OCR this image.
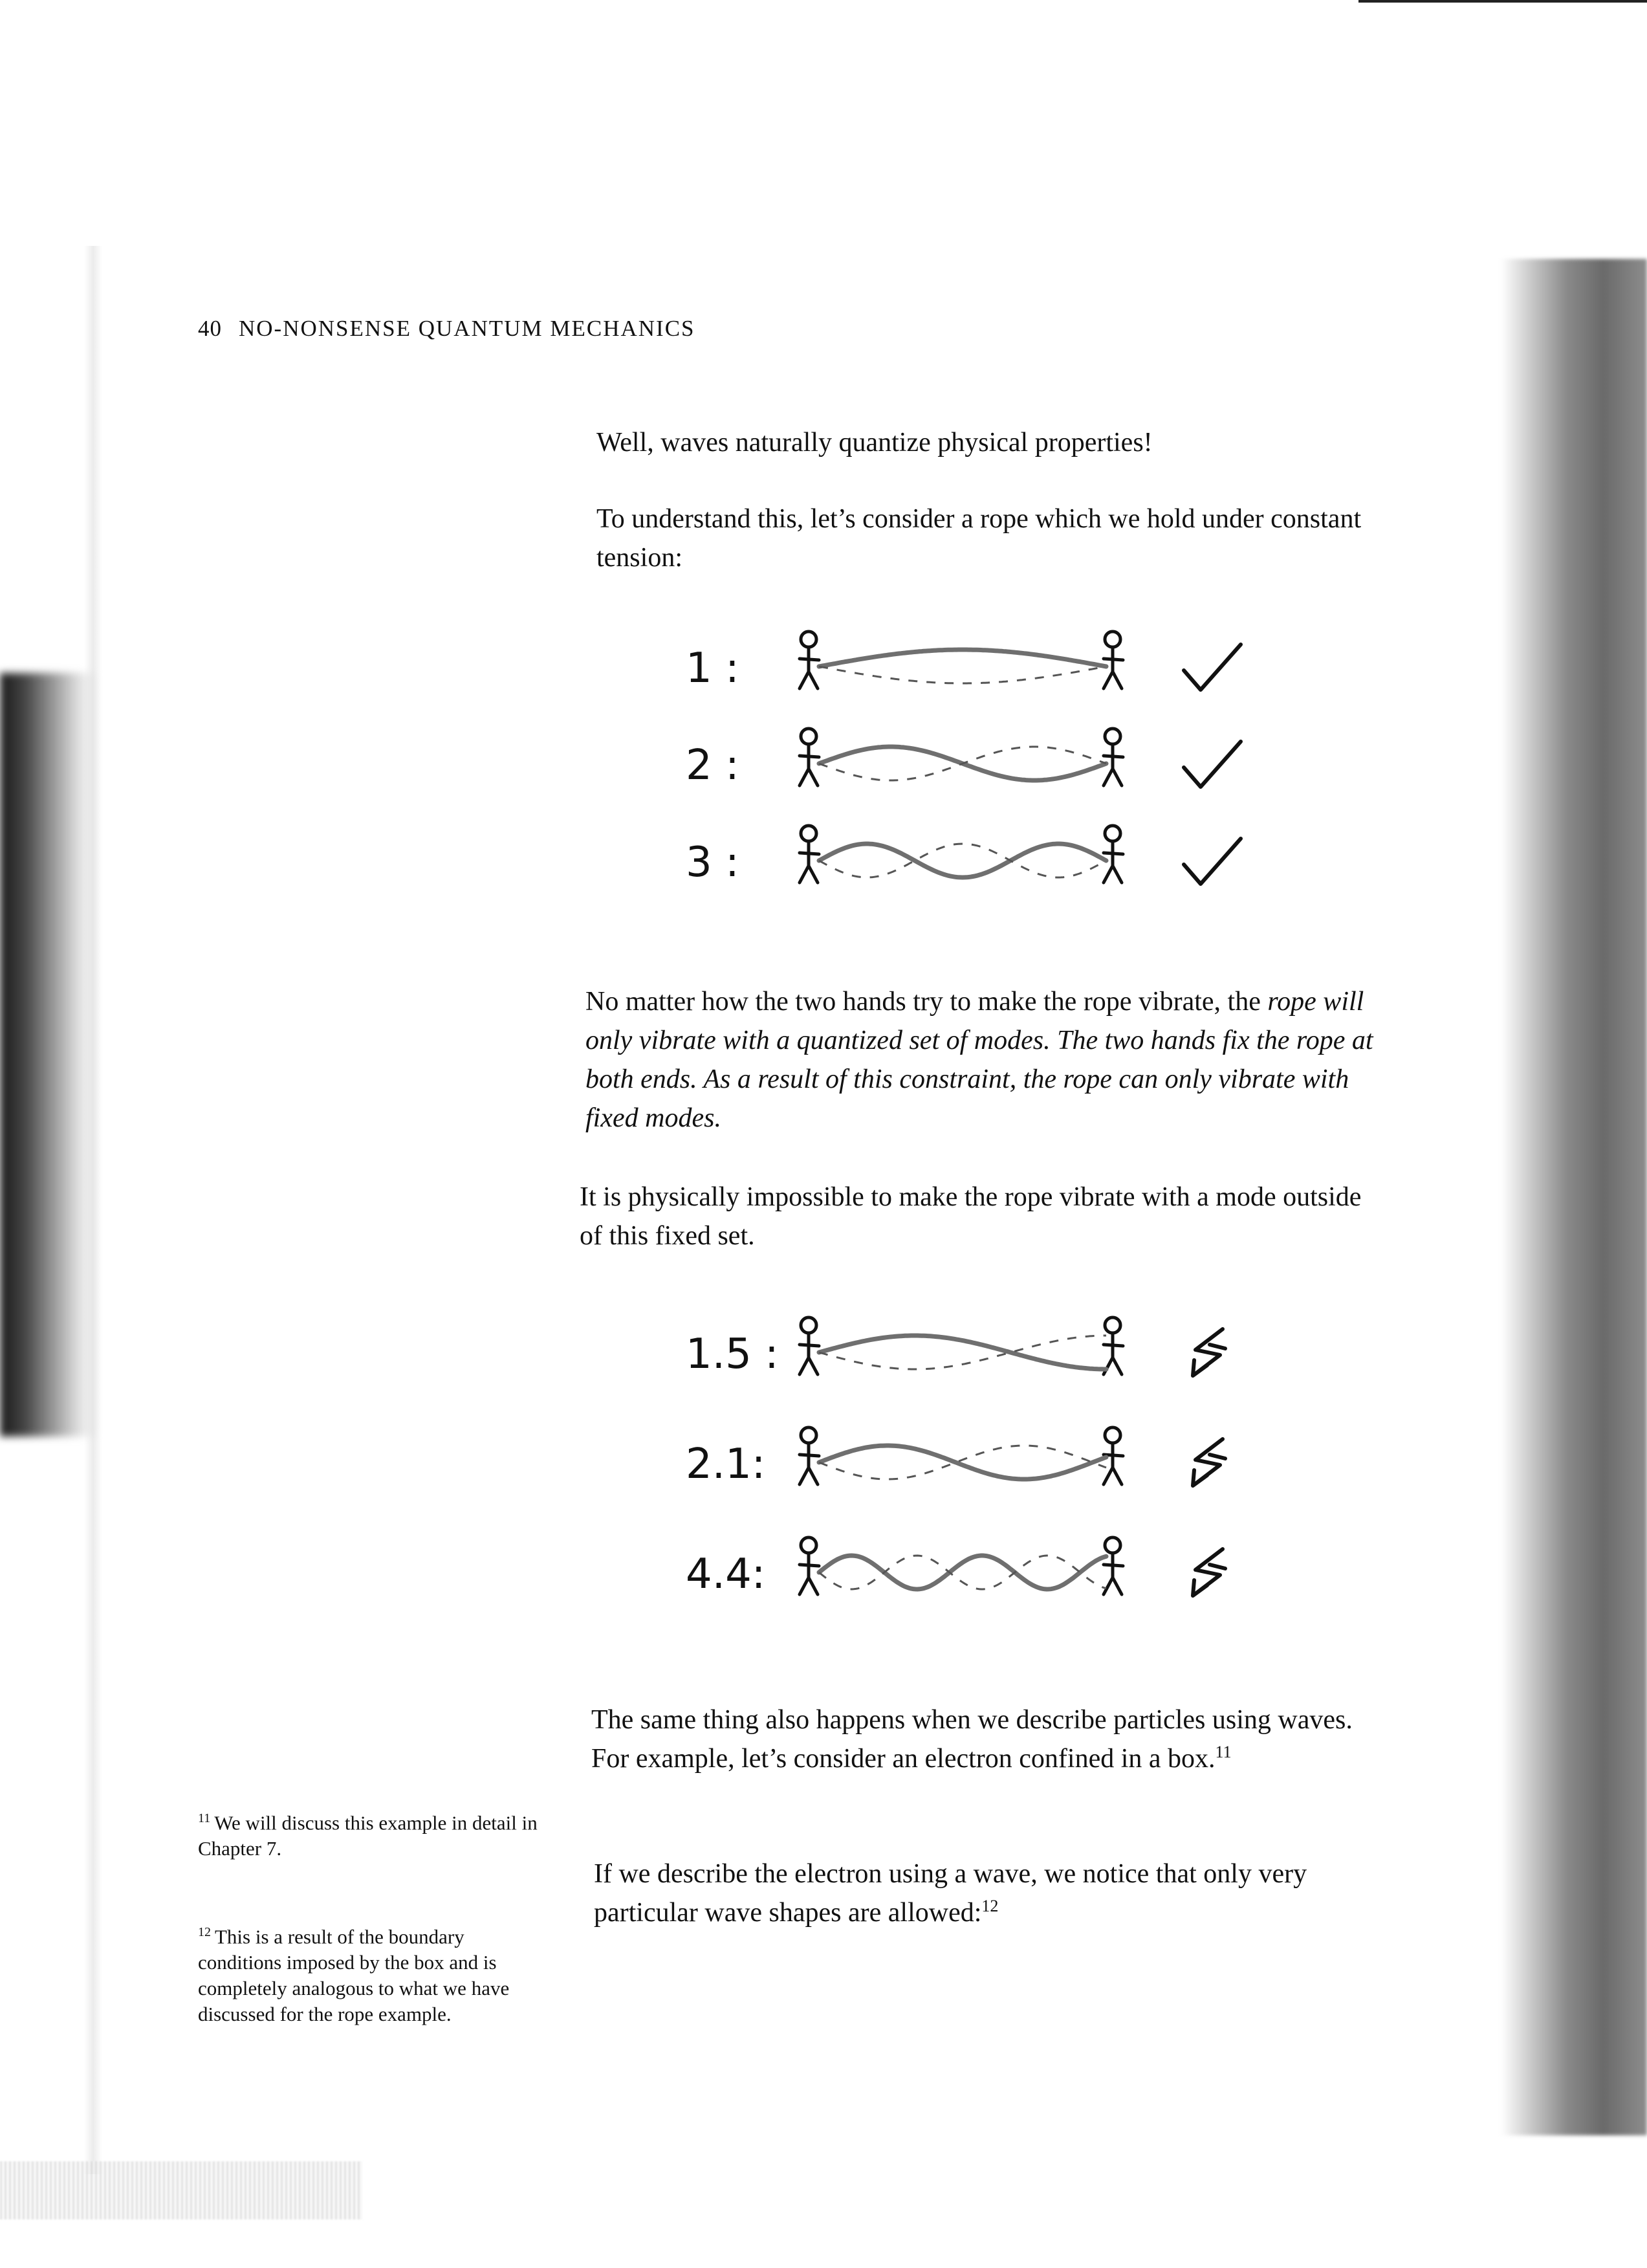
40 NO-NONSENSE QUANTUM MECHANICS

Well, waves naturally quantize physical properties!

To understand this, let’s consider a rope which we hold under constant tension:

1 :
2 :
3 :

No matter how the two hands try to make the rope vibrate, the rope will only vibrate with a quantized set of modes. The two hands fix the rope at both ends. As a result of this constraint, the rope can only vibrate with fixed modes.

It is physically impossible to make the rope vibrate with a mode outside of this fixed set.

1.5 :
2.1:
4.4:

The same thing also happens when we describe particles using waves. For example, let’s consider an electron confined in a box.$^{11}$

If we describe the electron using a wave, we notice that only very particular wave shapes are allowed:$^{12}$

$^{11}$ We will discuss this example in detail in Chapter 7.

$^{12}$ This is a result of the boundary conditions imposed by the box and is completely analogous to what we have discussed for the rope example.
